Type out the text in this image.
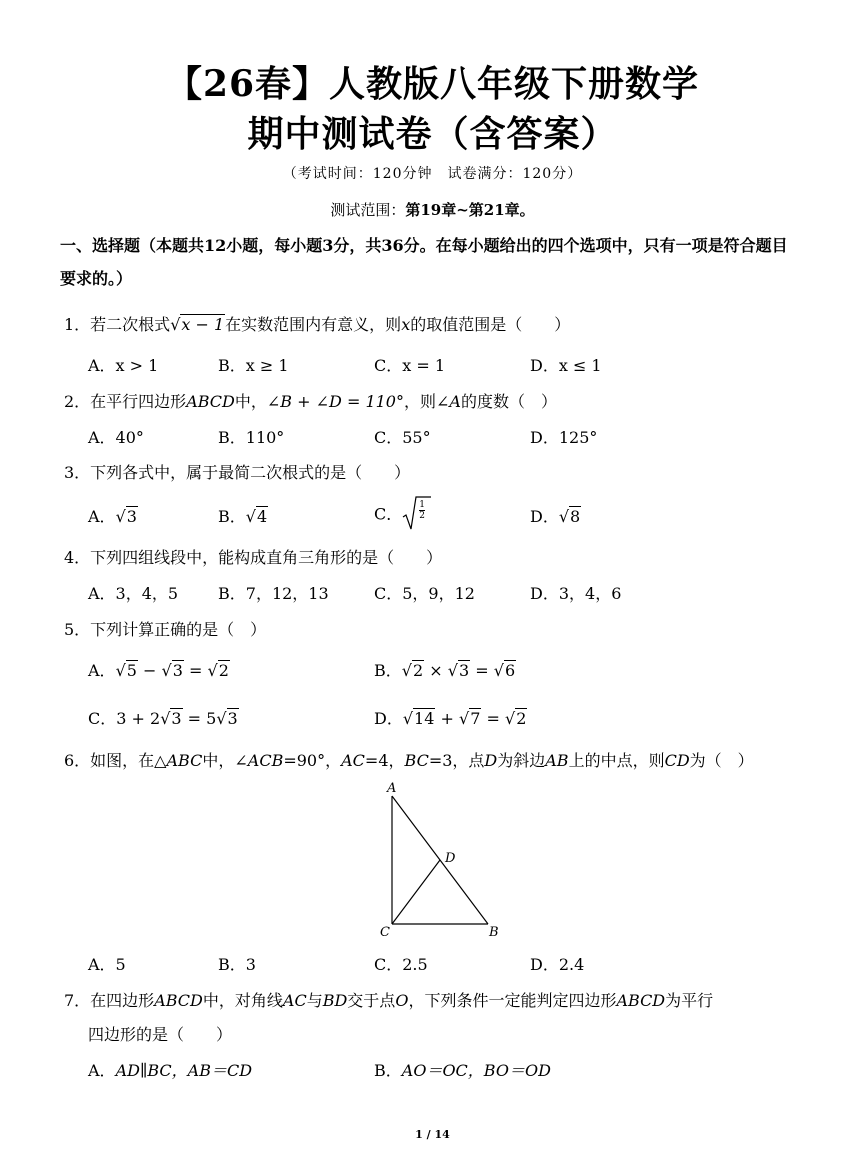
【26春】人教版八年级下册数学
期中测试卷（含答案）
（考试时间：120分钟　试卷满分：120分）
测试范围：第19章~第21章。
一、选择题（本题共12小题，每小题3分，共36分。在每小题给出的四个选项中，只有一项是符合题目要求的。）
1．若二次根式√x − 1在实数范围内有意义，则x的取值范围是（　　）
A．x > 1	B．x ≥ 1	C．x = 1	D．x ≤ 1
2．在平行四边形ABCD中，∠B + ∠D = 110°，则∠A的度数（　）
A．40°	B．110°	C．55°	D．125°
3．下列各式中，属于最简二次根式的是（　　）
A．√3	B．√4	C． $\frac{1}{2}$	D．√8
4．下列四组线段中，能构成直角三角形的是（　　）
A．3，4，5 B．7，12，13	C．5，9，12	D．3，4，6
5．下列计算正确的是（　）
A．√5 − √3 = √2	B．√2 × √3 = √6
C．3 + 2√3 = 5√3	D．√14 + √7 = √2
6．如图，在△ABC中，∠ACB=90°，AC=4，BC=3，点D为斜边AB上的中点，则CD为（　）
A
D
C	B
A．5	B．3	C．2.5	D．2.4
7．在四边形ABCD中，对角线AC与BD交于点O，下列条件一定能判定四边形ABCD为平行
四边形的是（　　）
A．AD∥BC，AB＝CD	B．AO＝OC，BO＝OD
1 / 14
